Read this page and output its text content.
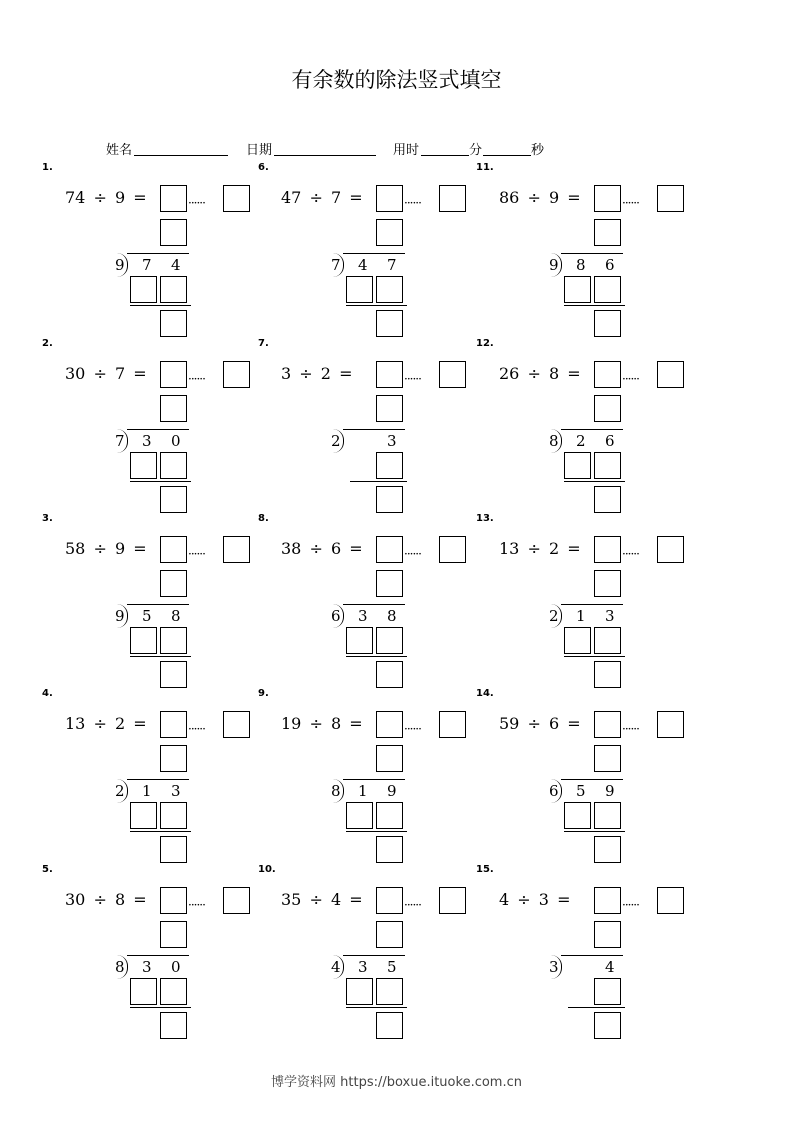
有余数的除法竖式填空
姓名	日期	用时	分	秒
1.
74 ÷ 9 =	······
9 7 4
2.
30 ÷ 7 =	······
7 3 0
3.
58 ÷ 9 =	······
9 5 8
4.
13 ÷ 2 =	······
2 1 3
5.
30 ÷ 8 =	······
8 3 0
6.
47 ÷ 7 =	······
7 4 7
7.
3 ÷ 2 =	······
2	3
8.
38 ÷ 6 =	······
6 3 8
9.
19 ÷ 8 =	······
8 1 9
10.
35 ÷ 4 =	······
4 3 5
11.
86 ÷ 9 =	······
9 8 6
12.
26 ÷ 8 =	······
8 2 6
13.
13 ÷ 2 =	······
2 1 3
14.
59 ÷ 6 =	······
6 5 9
15.
4 ÷ 3 =	······
3	4
博学资料网 https://boxue.ituoke.com.cn
